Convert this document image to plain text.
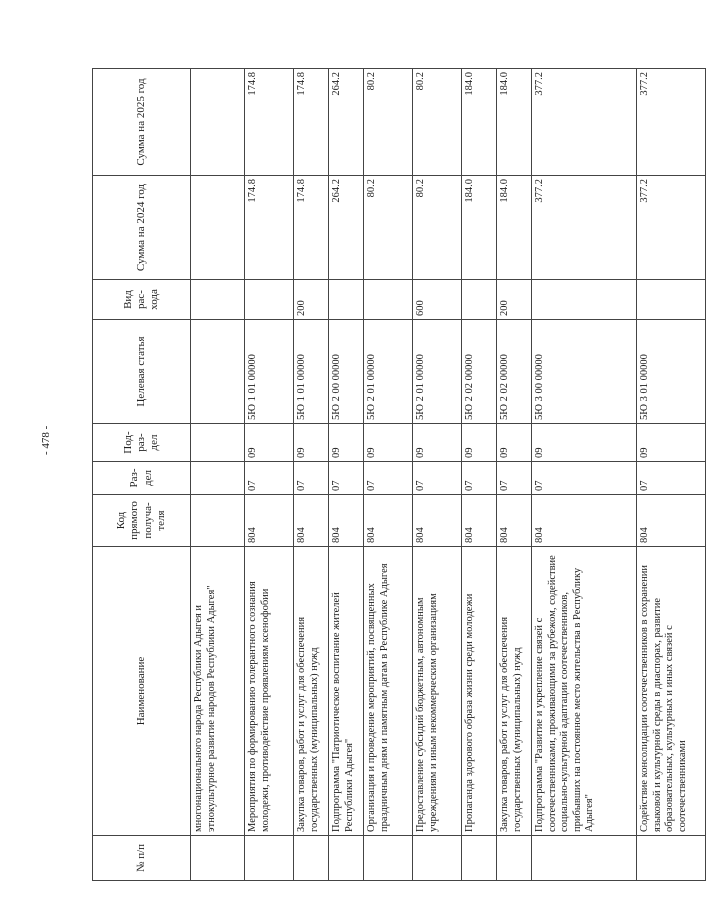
- 478 -
№ п/п	Наименование	Код прямого получа-теля	Раз-дел	Под-раз-дел	Целевая статья	Вид рас-хода	Сумма на 2024 год	Сумма на 2025 год
	многонационального народа Республики Адыгея и этнокультурное развитие народов Республики Адыгея"							
	Мероприятия по формированию толерантного сознания молодежи, противодействие проявлениям ксенофобии	804	07	09	5Ю 1 01 00000		174.8	174.8
	Закупка товаров, работ и услуг для обеспечения государственных (муниципальных) нужд	804	07	09	5Ю 1 01 00000	200	174.8	174.8
	Подпрограмма "Патриотическое воспитание жителей Республики Адыгея"	804	07	09	5Ю 2 00 00000		264.2	264.2
	Организация и проведение мероприятий, посвященных праздничным дням и памятным датам в Республике Адыгея	804	07	09	5Ю 2 01 00000		80.2	80.2
	Предоставление субсидий бюджетным, автономным учреждениям и иным некоммерческим организациям	804	07	09	5Ю 2 01 00000	600	80.2	80.2
	Пропаганда здорового образа жизни среди молодежи	804	07	09	5Ю 2 02 00000		184.0	184.0
	Закупка товаров, работ и услуг для обеспечения государственных (муниципальных) нужд	804	07	09	5Ю 2 02 00000	200	184.0	184.0
	Подпрограмма "Развитие и укрепление связей с соотечественниками, проживающими за рубежом, содействие социально-культурной адаптации соотечественников, прибывших на постоянное место жительства в Республику Адыгея"	804	07	09	5Ю 3 00 00000		377.2	377.2
	Содействие консолидации соотечественников в сохранении языковой и культурной среды в диаспорах, развитие образовательных, культурных и иных связей с соотечественниками	804	07	09	5Ю 3 01 00000		377.2	377.2
